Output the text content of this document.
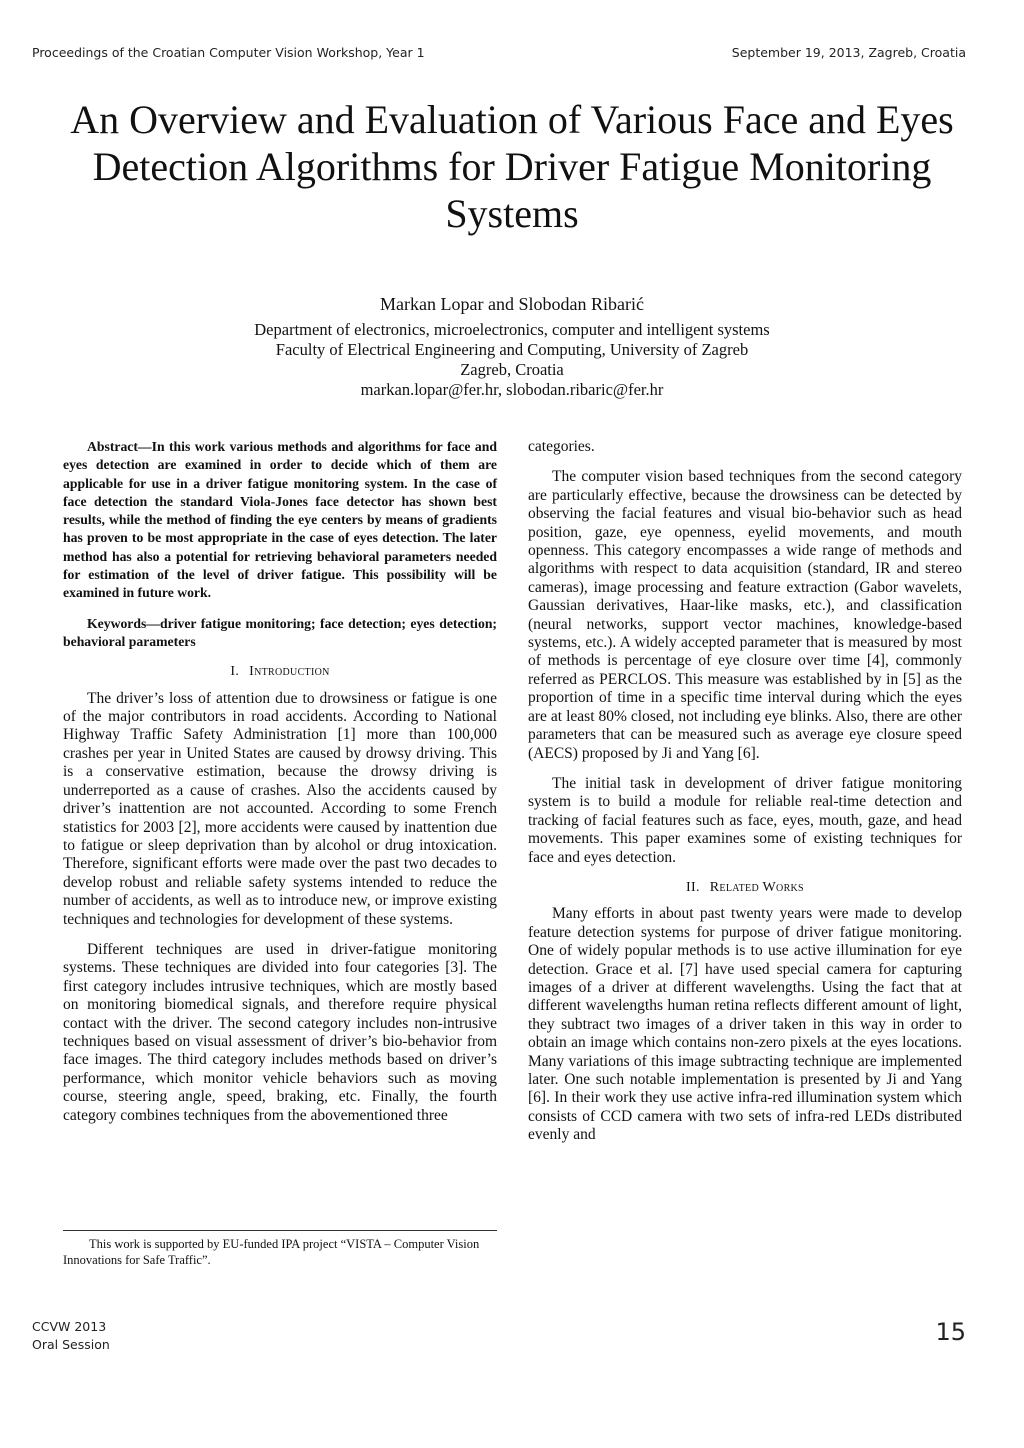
Proceedings of the Croatian Computer Vision Workshop, Year 1	September 19, 2013, Zagreb, Croatia
An Overview and Evaluation of Various Face and Eyes Detection Algorithms for Driver Fatigue Monitoring Systems
Markan Lopar and Slobodan Ribarić
Department of electronics, microelectronics, computer and intelligent systems
Faculty of Electrical Engineering and Computing, University of Zagreb
Zagreb, Croatia
markan.lopar@fer.hr, slobodan.ribaric@fer.hr

Abstract—In this work various methods and algorithms for face and eyes detection are examined in order to decide which of them are applicable for use in a driver fatigue monitoring system. In the case of face detection the standard Viola-Jones face detector has shown best results, while the method of finding the eye centers by means of gradients has proven to be most appropriate in the case of eyes detection. The later method has also a potential for retrieving behavioral parameters needed for estimation of the level of driver fatigue. This possibility will be examined in future work.

Keywords—driver fatigue monitoring; face detection; eyes detection; behavioral parameters

I. Introduction

The driver’s loss of attention due to drowsiness or fatigue is one of the major contributors in road accidents. According to National Highway Traffic Safety Administration [1] more than 100,000 crashes per year in United States are caused by drowsy driving. This is a conservative estimation, because the drowsy driving is underreported as a cause of crashes. Also the accidents caused by driver’s inattention are not accounted. According to some French statistics for 2003 [2], more accidents were caused by inattention due to fatigue or sleep deprivation than by alcohol or drug intoxication. Therefore, significant efforts were made over the past two decades to develop robust and reliable safety systems intended to reduce the number of accidents, as well as to introduce new, or improve existing techniques and technologies for development of these systems.

Different techniques are used in driver-fatigue monitoring systems. These techniques are divided into four categories [3]. The first category includes intrusive techniques, which are mostly based on monitoring biomedical signals, and therefore require physical contact with the driver. The second category includes non-intrusive techniques based on visual assessment of driver’s bio-behavior from face images. The third category includes methods based on driver’s performance, which monitor vehicle behaviors such as moving course, steering angle, speed, braking, etc. Finally, the fourth category combines techniques from the abovementioned three

categories.

The computer vision based techniques from the second category are particularly effective, because the drowsiness can be detected by observing the facial features and visual bio-behavior such as head position, gaze, eye openness, eyelid movements, and mouth openness. This category encompasses a wide range of methods and algorithms with respect to data acquisition (standard, IR and stereo cameras), image processing and feature extraction (Gabor wavelets, Gaussian derivatives, Haar-like masks, etc.), and classification (neural networks, support vector machines, knowledge-based systems, etc.). A widely accepted parameter that is measured by most of methods is percentage of eye closure over time [4], commonly referred as PERCLOS. This measure was established by in [5] as the proportion of time in a specific time interval during which the eyes are at least 80% closed, not including eye blinks. Also, there are other parameters that can be measured such as average eye closure speed (AECS) proposed by Ji and Yang [6].

The initial task in development of driver fatigue monitoring system is to build a module for reliable real-time detection and tracking of facial features such as face, eyes, mouth, gaze, and head movements. This paper examines some of existing techniques for face and eyes detection.

II. Related Works

Many efforts in about past twenty years were made to develop feature detection systems for purpose of driver fatigue monitoring. One of widely popular methods is to use active illumination for eye detection. Grace et al. [7] have used special camera for capturing images of a driver at different wavelengths. Using the fact that at different wavelengths human retina reflects different amount of light, they subtract two images of a driver taken in this way in order to obtain an image which contains non-zero pixels at the eyes locations. Many variations of this image subtracting technique are implemented later. One such notable implementation is presented by Ji and Yang [6]. In their work they use active infra-red illumination system which consists of CCD camera with two sets of infra-red LEDs distributed evenly and

This work is supported by EU-funded IPA project “VISTA – Computer Vision Innovations for Safe Traffic”.
CCVW 2013
Oral Session	15
